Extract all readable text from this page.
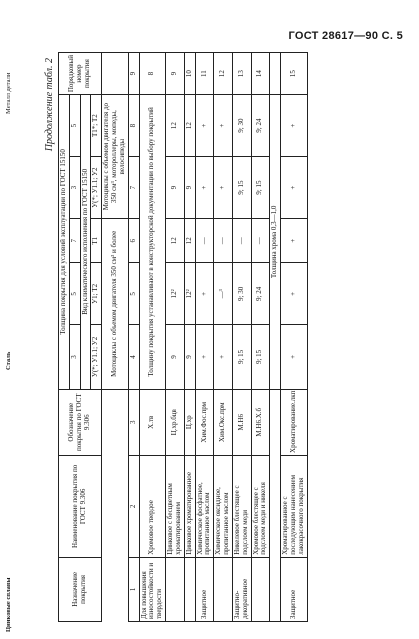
ГОСТ 28617—90 С. 5
Продолжение табл. 2
Назначение покрытия	Наименование покрытия по ГОСТ 9.306	Обозначение покрытия по ГОСТ 9.306	Толщина покрытия для условий эксплуатации по ГОСТ 15150					Порядковый номер покрытия
			3	5	7	3	5	
			Вид климатического исполнения по ГОСТ 15150					
			У(*; У1.1; У2	У1; Т2	Т1	У(*; У1.1; У2	Т1*; Т2	
			Мотоциклы с объемом двигателя 350 см³ и более			Мотоциклы с объемом двигателя до 350 см³, мотороллеры, мопеды, велосипеды		
1	2	3	4	5	6	7	8	9
Для повышения износостойкости и твердости	Хромовое твердое	Х.тв	Толщину покрытия устанавливают в конструкторской документации по выбору покрытий					8
	Цинковое с бесцветным хроматированием	Ц.хр.бцв	9	12²	12	9	12	9
	Цинковое хроматированное	Ц.хр	9	12²	12	9	12	10
Защитное	Химическое фосфатное, пропитанное маслом	Хим.Фос.прм	+	+	—	+	+	11
	Химическое оксидное, пропитанное маслом	Хим.Окс.прм	+	—³	—	+	+	12
Защитно-декоративное	Никелевое блестящее с подслоем меди	М.Н6	9; 15	9; 30	—	9; 15	9; 30	13
	Хромовое блестящее с подслоем меди и никеля	М.Н6.Х.б	9; 15	9; 24	—	9; 15	9; 24	14
			Толщина хрома 0,3—1,0					
Защитное	Хроматированное с последующим нанесением лакокрасочного покрытия	Хроматирование.лкп	+	+	+	+	+	15
Металл детали
Сталь
Цинковые сплавы
